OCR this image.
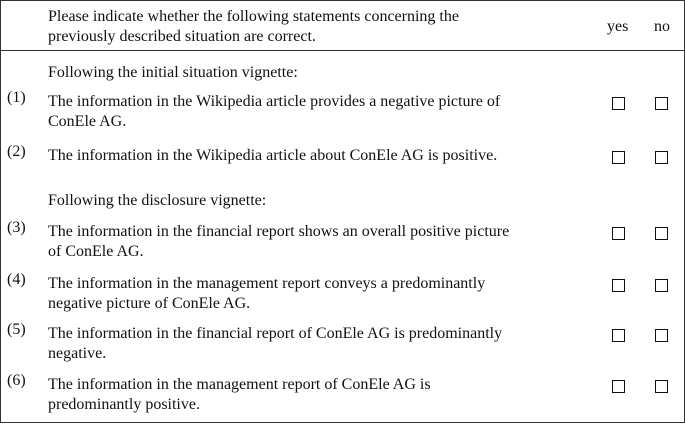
Please indicate whether the following statements concerning the
previously described situation are correct.
yes no
Following the initial situation vignette:
Following the disclosure vignette:
(1) The information in the Wikipedia article provides a negative picture of
ConEle AG.
(2) The information in the Wikipedia article about ConEle AG is positive.
(3) The information in the financial report shows an overall positive picture
of ConEle AG.
(4) The information in the management report conveys a predominantly
negative picture of ConEle AG.
(5) The information in the financial report of ConEle AG is predominantly
negative.
(6) The information in the management report of ConEle AG is
predominantly positive.
